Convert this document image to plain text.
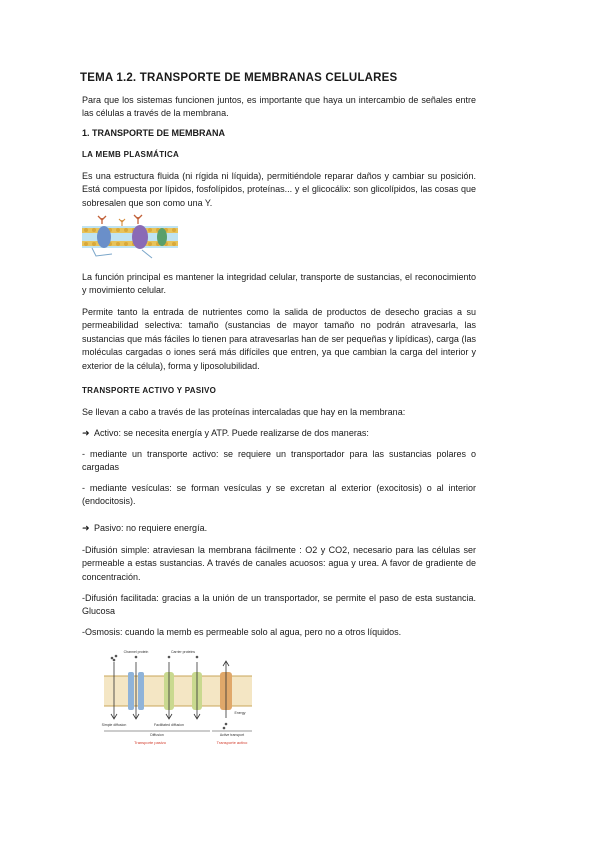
TEMA 1.2. TRANSPORTE DE MEMBRANAS CELULARES
Para que los sistemas funcionen juntos, es importante que haya un intercambio de señales entre las células a través de la membrana.
1. TRANSPORTE DE MEMBRANA
LA MEMB PLASMÁTICA
Es una estructura fluida (ni rígida ni líquida), permitiéndole reparar daños y cambiar su posición. Está compuesta por lípidos, fosfolípidos, proteínas... y el glicocálix: son glicolípidos, las cosas que sobresalen que son como una Y.
La función principal es mantener la integridad celular, transporte de sustancias, el reconocimiento y movimiento celular.
Permite tanto la entrada de nutrientes como la salida de productos de desecho gracias a su permeabilidad selectiva: tamaño (sustancias de mayor tamaño no podrán atravesarla, las sustancias que más fáciles lo tienen para atravesarlas han de ser pequeñas y lipídicas), carga (las moléculas cargadas o iones será más difíciles que entren, ya que cambian la carga del interior y exterior de la célula), forma y liposolubilidad.
TRANSPORTE ACTIVO Y PASIVO
Se llevan a cabo a través de las proteínas intercaladas que hay en la membrana:
➜ Activo: se necesita energía y ATP. Puede realizarse de dos maneras:
- mediante un transporte activo: se requiere un transportador para las sustancias polares o cargadas
- mediante vesículas: se forman vesículas y se excretan al exterior (exocitosis) o al interior (endocitosis).
➜ Pasivo: no requiere energía.
-Difusión simple: atraviesan la membrana fácilmente : O2 y CO2, necesario para las células ser permeable a estas sustancias. A través de canales acuosos: agua y urea. A favor de gradiente de concentración.
-Difusión facilitada: gracias a la unión de un transportador, se permite el paso de esta sustancia. Glucosa
-Osmosis: cuando la memb es permeable solo al agua, pero no a otros líquidos.
Channel protein	Carrier proteins
Energy
Simple diffusion	Facilitated diffusion
Diffusion	Active transport
Transporte pasivo	Transporte activo
